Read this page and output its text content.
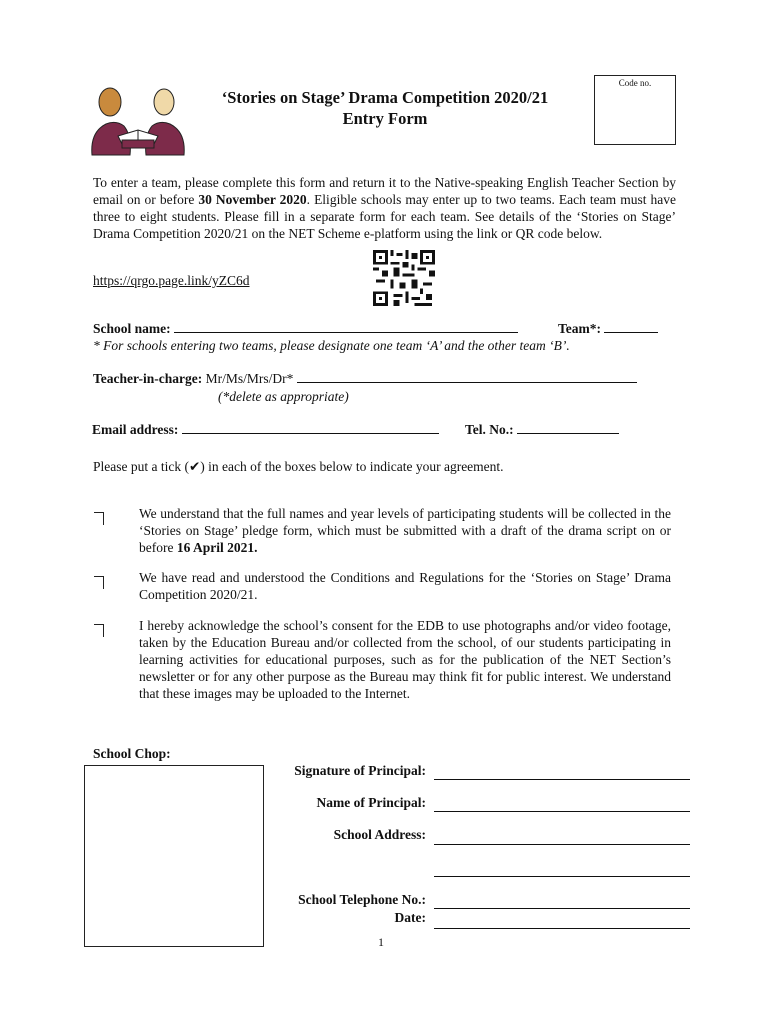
‘Stories on Stage’ Drama Competition 2020/21
Entry Form
Code no.
To enter a team, please complete this form and return it to the Native-speaking English Teacher Section by email on or before 30 November 2020. Eligible schools may enter up to two teams. Each team must have three to eight students. Please fill in a separate form for each team. See details of the ‘Stories on Stage’ Drama Competition 2020/21 on the NET Scheme e-platform using the link or QR code below.
https://qrgo.page.link/yZC6d
School name:	Team*:
* For schools entering two teams, please designate one team ‘A’ and the other team ‘B’.
Teacher-in-charge: Mr/Ms/Mrs/Dr*
(*delete as appropriate)
Email address:	Tel. No.:
Please put a tick (✔) in each of the boxes below to indicate your agreement.
We understand that the full names and year levels of participating students will be collected in the ‘Stories on Stage’ pledge form, which must be submitted with a draft of the drama script on or before 16 April 2021.
We have read and understood the Conditions and Regulations for the ‘Stories on Stage’ Drama Competition 2020/21.
I hereby acknowledge the school’s consent for the EDB to use photographs and/or video footage, taken by the Education Bureau and/or collected from the school, of our students participating in learning activities for educational purposes, such as for the publication of the NET Section’s newsletter or for any other purpose as the Bureau may think fit for public interest. We understand that these images may be uploaded to the Internet.
School Chop:
Signature of Principal:
Name of Principal:
School Address:
School Telephone No.:
Date:
1
